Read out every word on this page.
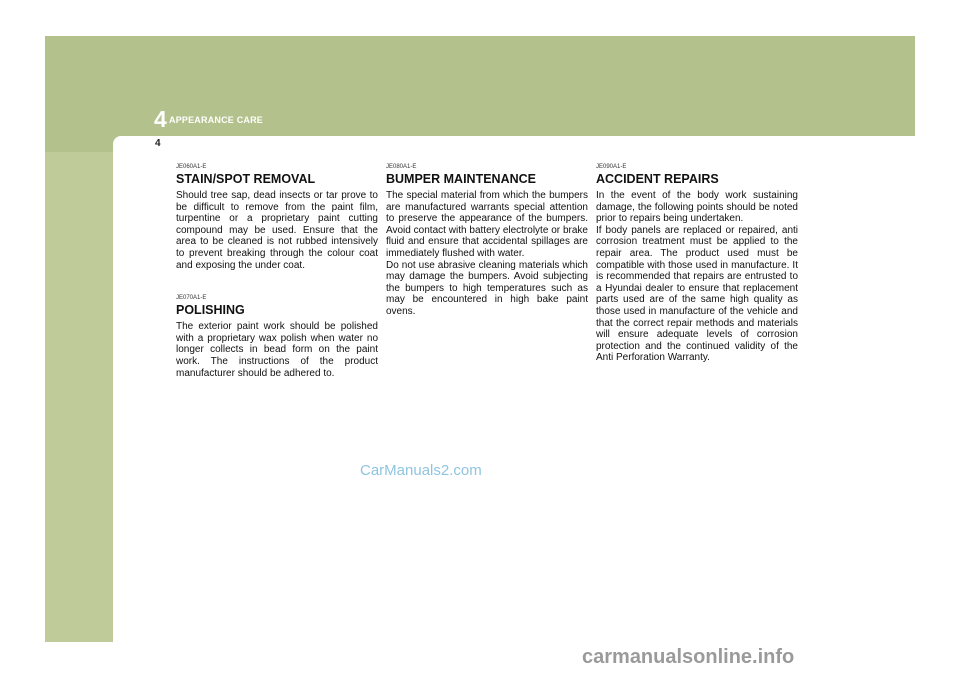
4 APPEARANCE CARE
4

JE060A1-E

STAIN/SPOT REMOVAL

Should tree sap, dead insects or tar prove to be difficult to remove from the paint film, turpentine or a proprietary paint cutting compound may be used. Ensure that the area to be cleaned is not rubbed intensively to prevent breaking through the colour coat and exposing the under coat.

JE070A1-E

POLISHING

The exterior paint work should be polished with a proprietary wax polish when water no longer collects in bead form on the paint work. The instructions of the product manufacturer should be adhered to.

JE080A1-E

BUMPER MAINTENANCE

The special material from which the bumpers are manufactured warrants special attention to preserve the appearance of the bumpers. Avoid contact with battery electrolyte or brake fluid and ensure that accidental spillages are immediately flushed with water.
Do not use abrasive cleaning materials which may damage the bumpers. Avoid subjecting the bumpers to high temperatures such as may be encountered in high bake paint ovens.

JE090A1-E

ACCIDENT REPAIRS

In the event of the body work sustaining damage, the following points should be noted prior to repairs being undertaken.
If body panels are replaced or repaired, anti corrosion treatment must be applied to the repair area. The product used must be compatible with those used in manufacture. It is recommended that repairs are entrusted to a Hyundai dealer to ensure that replacement parts used are of the same high quality as those used in manufacture of the vehicle and that the correct repair methods and materials will ensure adequate levels of corrosion protection and the continued validity of the Anti Perforation Warranty.

CarManuals2.com
carmanualsonline.info
